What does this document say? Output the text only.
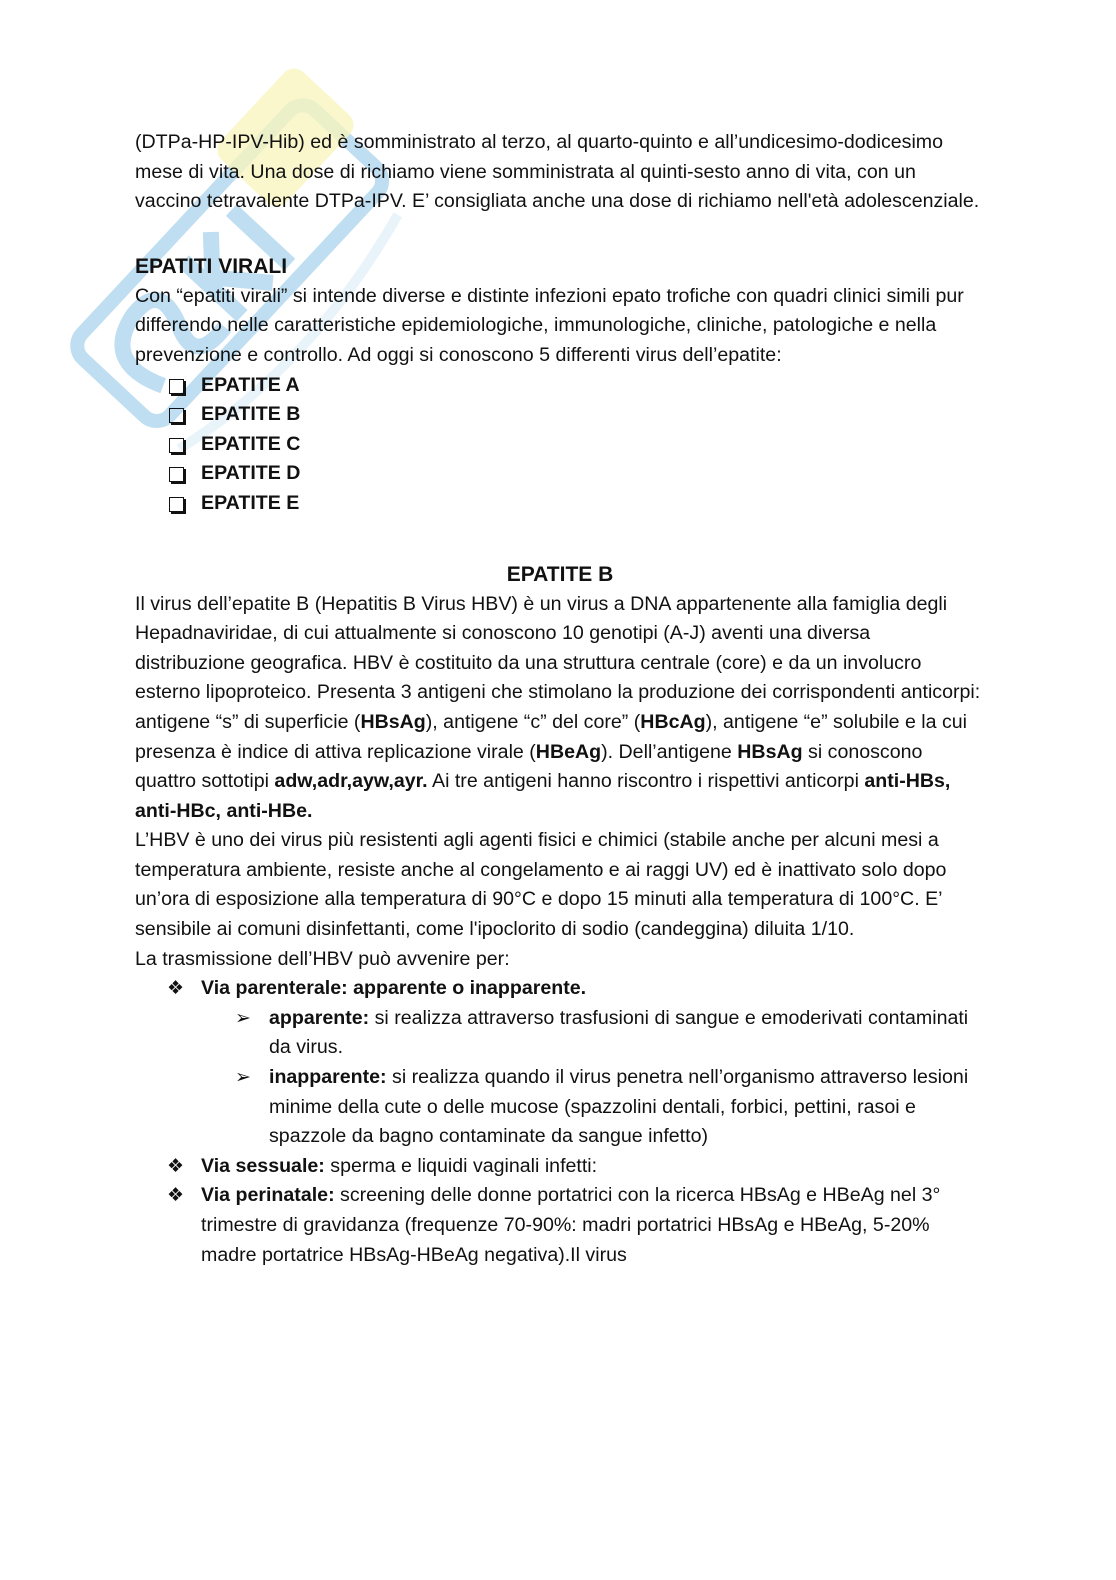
(DTPa-HP-IPV-Hib) ed è somministrato al terzo, al quarto-quinto e all’undicesimo-dodicesimo mese di vita. Una dose di richiamo viene somministrata al quinti-sesto anno di vita, con un vaccino tetravalente DTPa-IPV. E’ consigliata anche una dose di richiamo nell'età adolescenziale.

EPATITI VIRALI

Con “epatiti virali” si intende diverse e distinte infezioni epato trofiche con quadri clinici simili pur differendo nelle caratteristiche epidemiologiche, immunologiche, cliniche, patologiche e nella prevenzione e controllo. Ad oggi si conoscono 5 differenti virus dell’epatite:

EPATITE A
EPATITE B
EPATITE C
EPATITE D
EPATITE E
EPATITE B

Il virus dell’epatite B (Hepatitis B Virus HBV) è un virus a DNA appartenente alla famiglia degli Hepadnaviridae, di cui attualmente si conoscono 10 genotipi (A-J) aventi una diversa distribuzione geografica. HBV è costituito da una struttura centrale (core) e da un involucro esterno lipoproteico. Presenta 3 antigeni che stimolano la produzione dei corrispondenti anticorpi: antigene “s” di superficie (HBsAg), antigene “c” del core” (HBcAg), antigene “e” solubile e la cui presenza è indice di attiva replicazione virale (HBeAg). Dell’antigene HBsAg si conoscono quattro sottotipi adw,adr,ayw,ayr. Ai tre antigeni hanno riscontro i rispettivi anticorpi anti-HBs, anti-HBc, anti-HBe.

L’HBV è uno dei virus più resistenti agli agenti fisici e chimici (stabile anche per alcuni mesi a temperatura ambiente, resiste anche al congelamento e ai raggi UV) ed è inattivato solo dopo un’ora di esposizione alla temperatura di 90°C e dopo 15 minuti alla temperatura di 100°C. E’ sensibile ai comuni disinfettanti, come l'ipoclorito di sodio (candeggina) diluita 1/10.

La trasmissione dell’HBV può avvenire per:

❖ Via parenterale: apparente o inapparente.
➢ apparente: si realizza attraverso trasfusioni di sangue e emoderivati contaminati da virus.
➢ inapparente: si realizza quando il virus penetra nell’organismo attraverso lesioni minime della cute o delle mucose (spazzolini dentali, forbici, pettini, rasoi e spazzole da bagno contaminate da sangue infetto)
❖ Via sessuale: sperma e liquidi vaginali infetti:
❖ Via perinatale: screening delle donne portatrici con la ricerca HBsAg e HBeAg nel 3° trimestre di gravidanza (frequenze 70-90%: madri portatrici HBsAg e HBeAg, 5-20% madre portatrice HBsAg-HBeAg negativa).Il virus
